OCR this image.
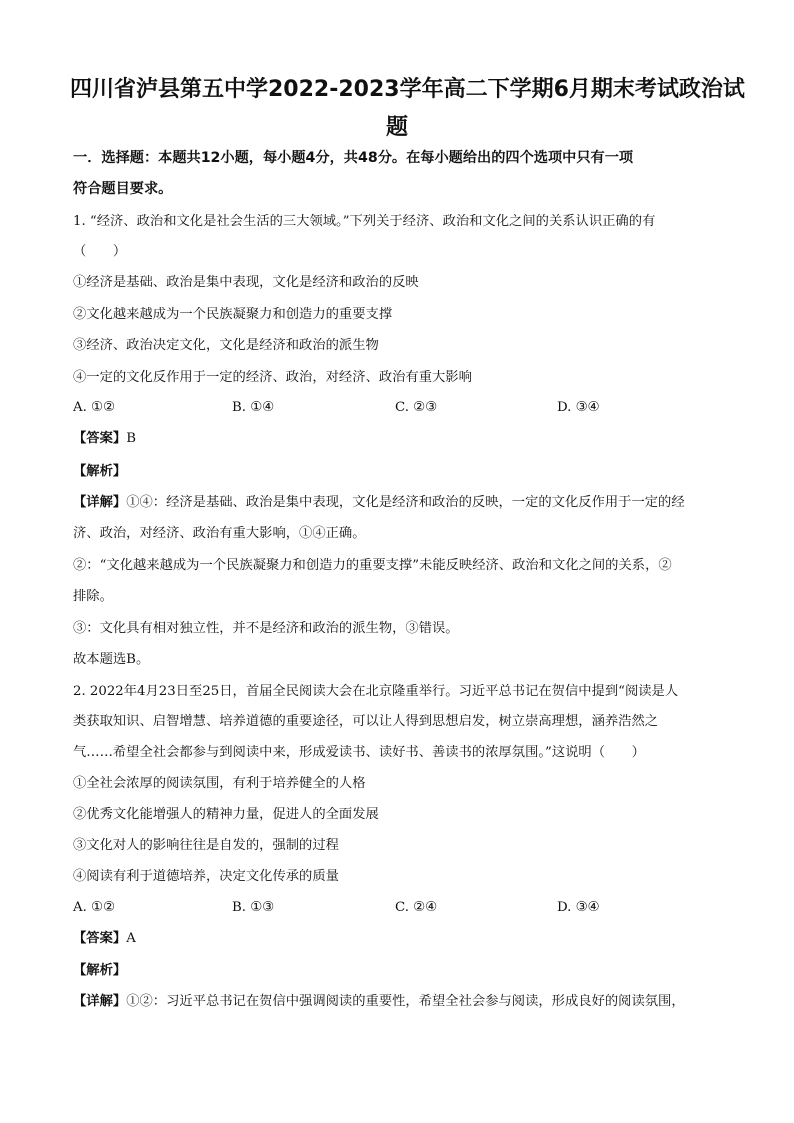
四川省泸县第五中学2022-2023学年高二下学期6月期末考试政治试
题
一．选择题：本题共12小题，每小题4分，共48分。在每小题给出的四个选项中只有一项
符合题目要求。
1. “经济、政治和文化是社会生活的三大领域。”下列关于经济、政治和文化之间的关系认识正确的有
（　　）
①经济是基础、政治是集中表现，文化是经济和政治的反映
②文化越来越成为一个民族凝聚力和创造力的重要支撑
③经济、政治决定文化，文化是经济和政治的派生物
④一定的文化反作用于一定的经济、政治，对经济、政治有重大影响
A. ①②	B. ①④	C. ②③	D. ③④
【答案】B
【解析】
【详解】①④：经济是基础、政治是集中表现，文化是经济和政治的反映，一定的文化反作用于一定的经
济、政治，对经济、政治有重大影响，①④正确。
②：“文化越来越成为一个民族凝聚力和创造力的重要支撑”未能反映经济、政治和文化之间的关系，②
排除。
③：文化具有相对独立性，并不是经济和政治的派生物，③错误。
故本题选B。
2. 2022年4月23日至25日，首届全民阅读大会在北京隆重举行。习近平总书记在贺信中提到“阅读是人
类获取知识、启智增慧、培养道德的重要途径，可以让人得到思想启发，树立崇高理想，涵养浩然之
气……希望全社会都参与到阅读中来，形成爱读书、读好书、善读书的浓厚氛围。”这说明（　　）
①全社会浓厚的阅读氛围，有利于培养健全的人格
②优秀文化能增强人的精神力量，促进人的全面发展
③文化对人的影响往往是自发的，强制的过程
④阅读有利于道德培养，决定文化传承的质量
A. ①②	B. ①③	C. ②④	D. ③④
【答案】A
【解析】
【详解】①②：习近平总书记在贺信中强调阅读的重要性，希望全社会参与阅读，形成良好的阅读氛围，
